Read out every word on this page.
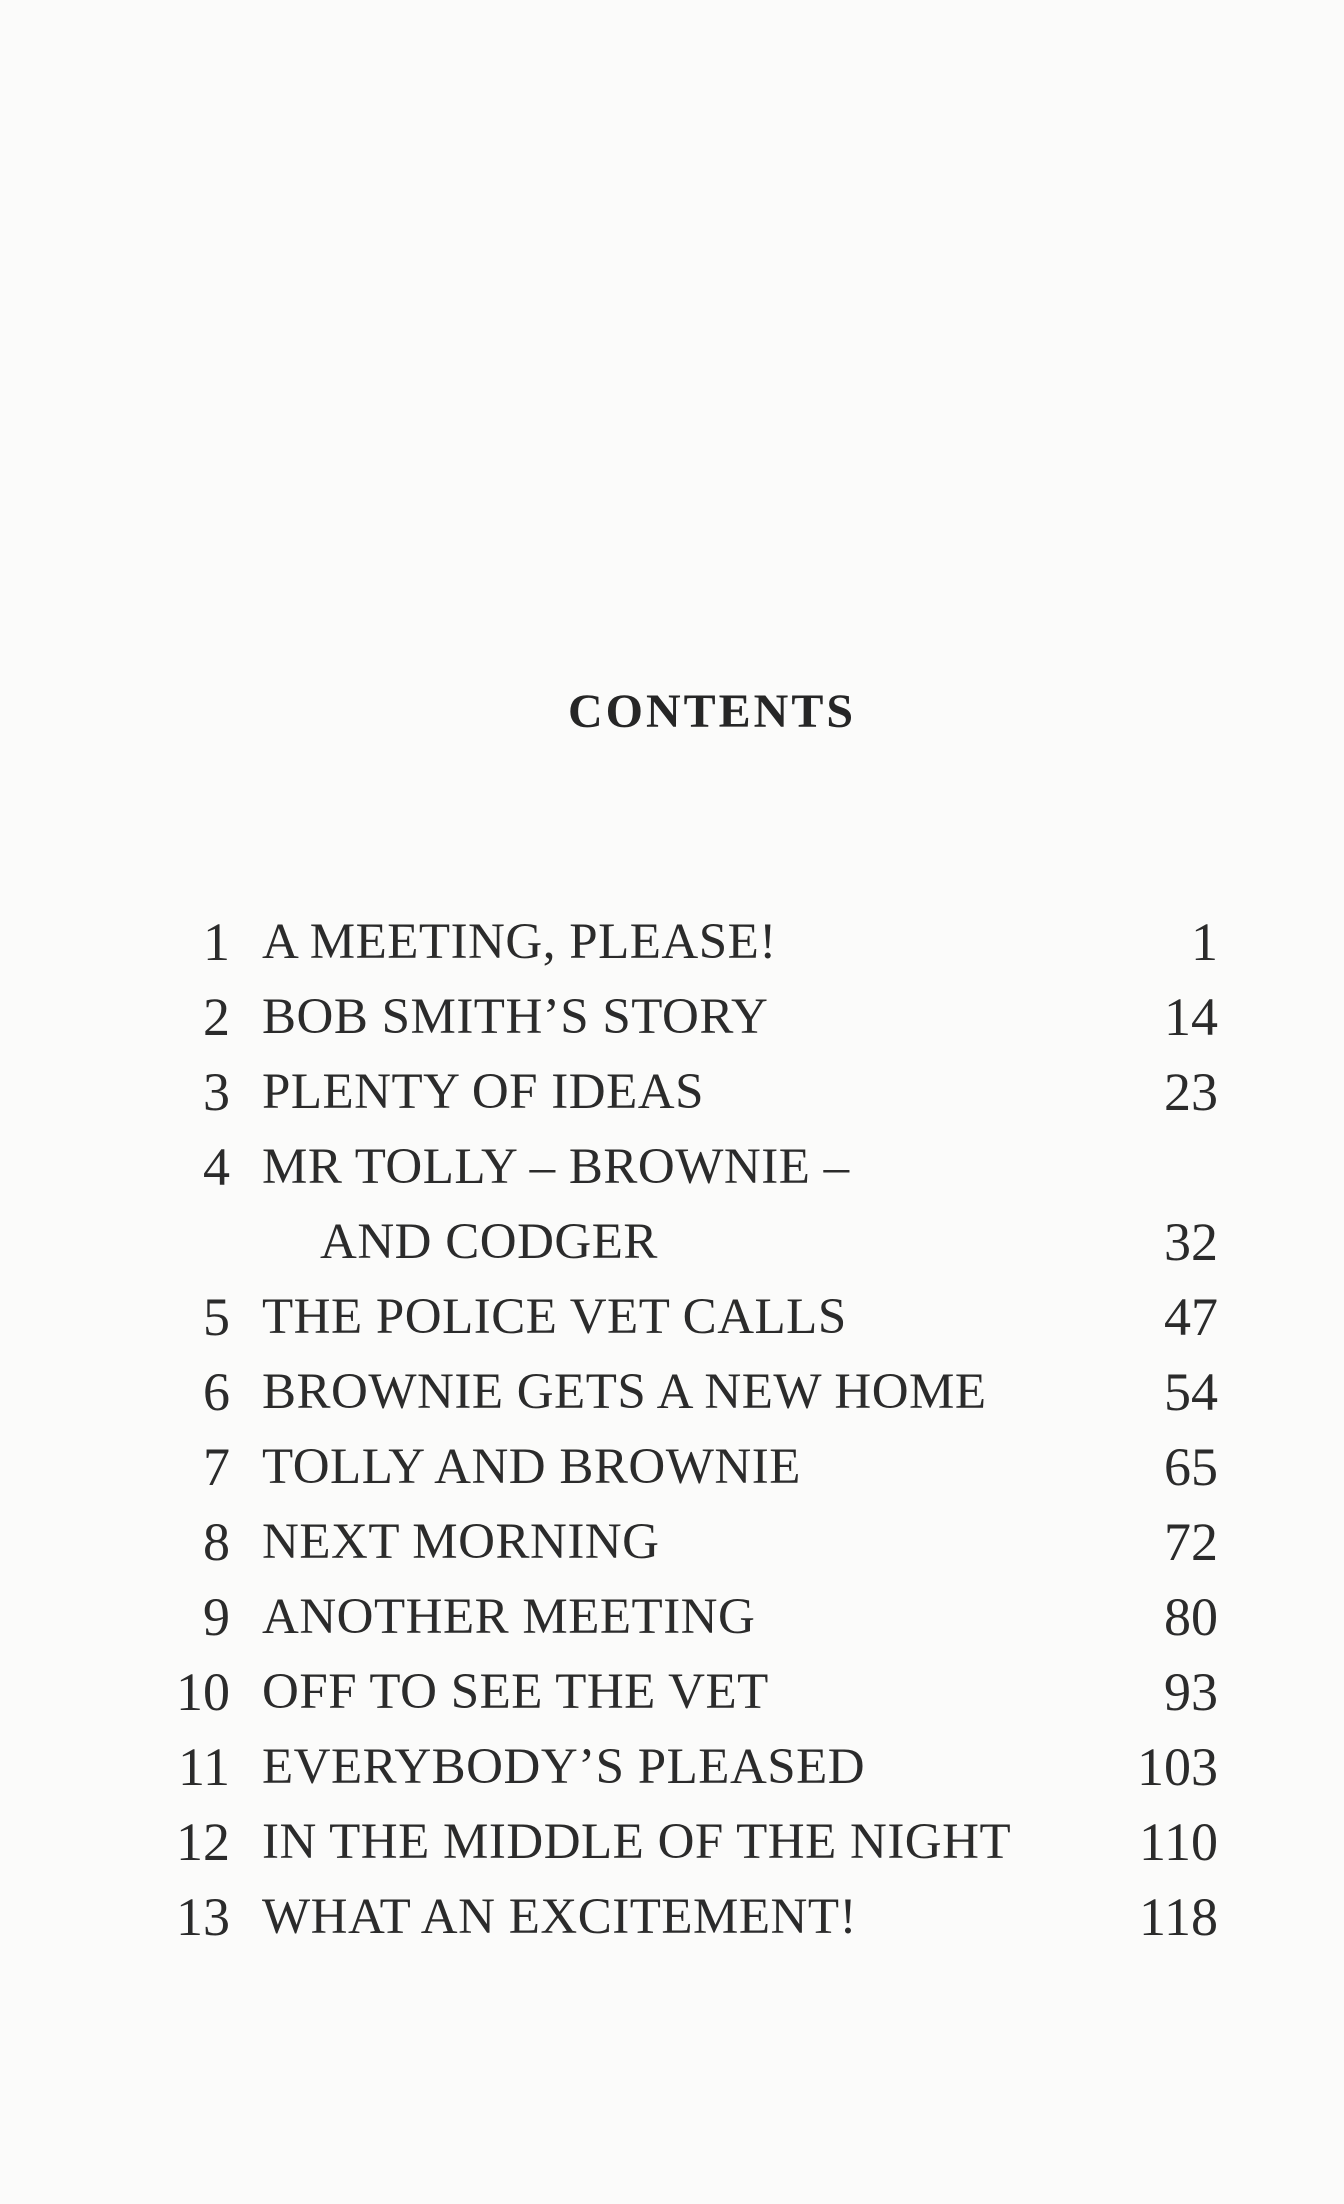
CONTENTS
1 A MEETING, PLEASE!	1
2 BOB SMITH’S STORY	14
3 PLENTY OF IDEAS	23
4 MR TOLLY – BROWNIE –
AND CODGER	32
5 THE POLICE VET CALLS	47
6 BROWNIE GETS A NEW HOME	54
7 TOLLY AND BROWNIE	65
8 NEXT MORNING	72
9 ANOTHER MEETING	80
10 OFF TO SEE THE VET	93
11 EVERYBODY’S PLEASED	103
12 IN THE MIDDLE OF THE NIGHT	110
13 WHAT AN EXCITEMENT!	118
